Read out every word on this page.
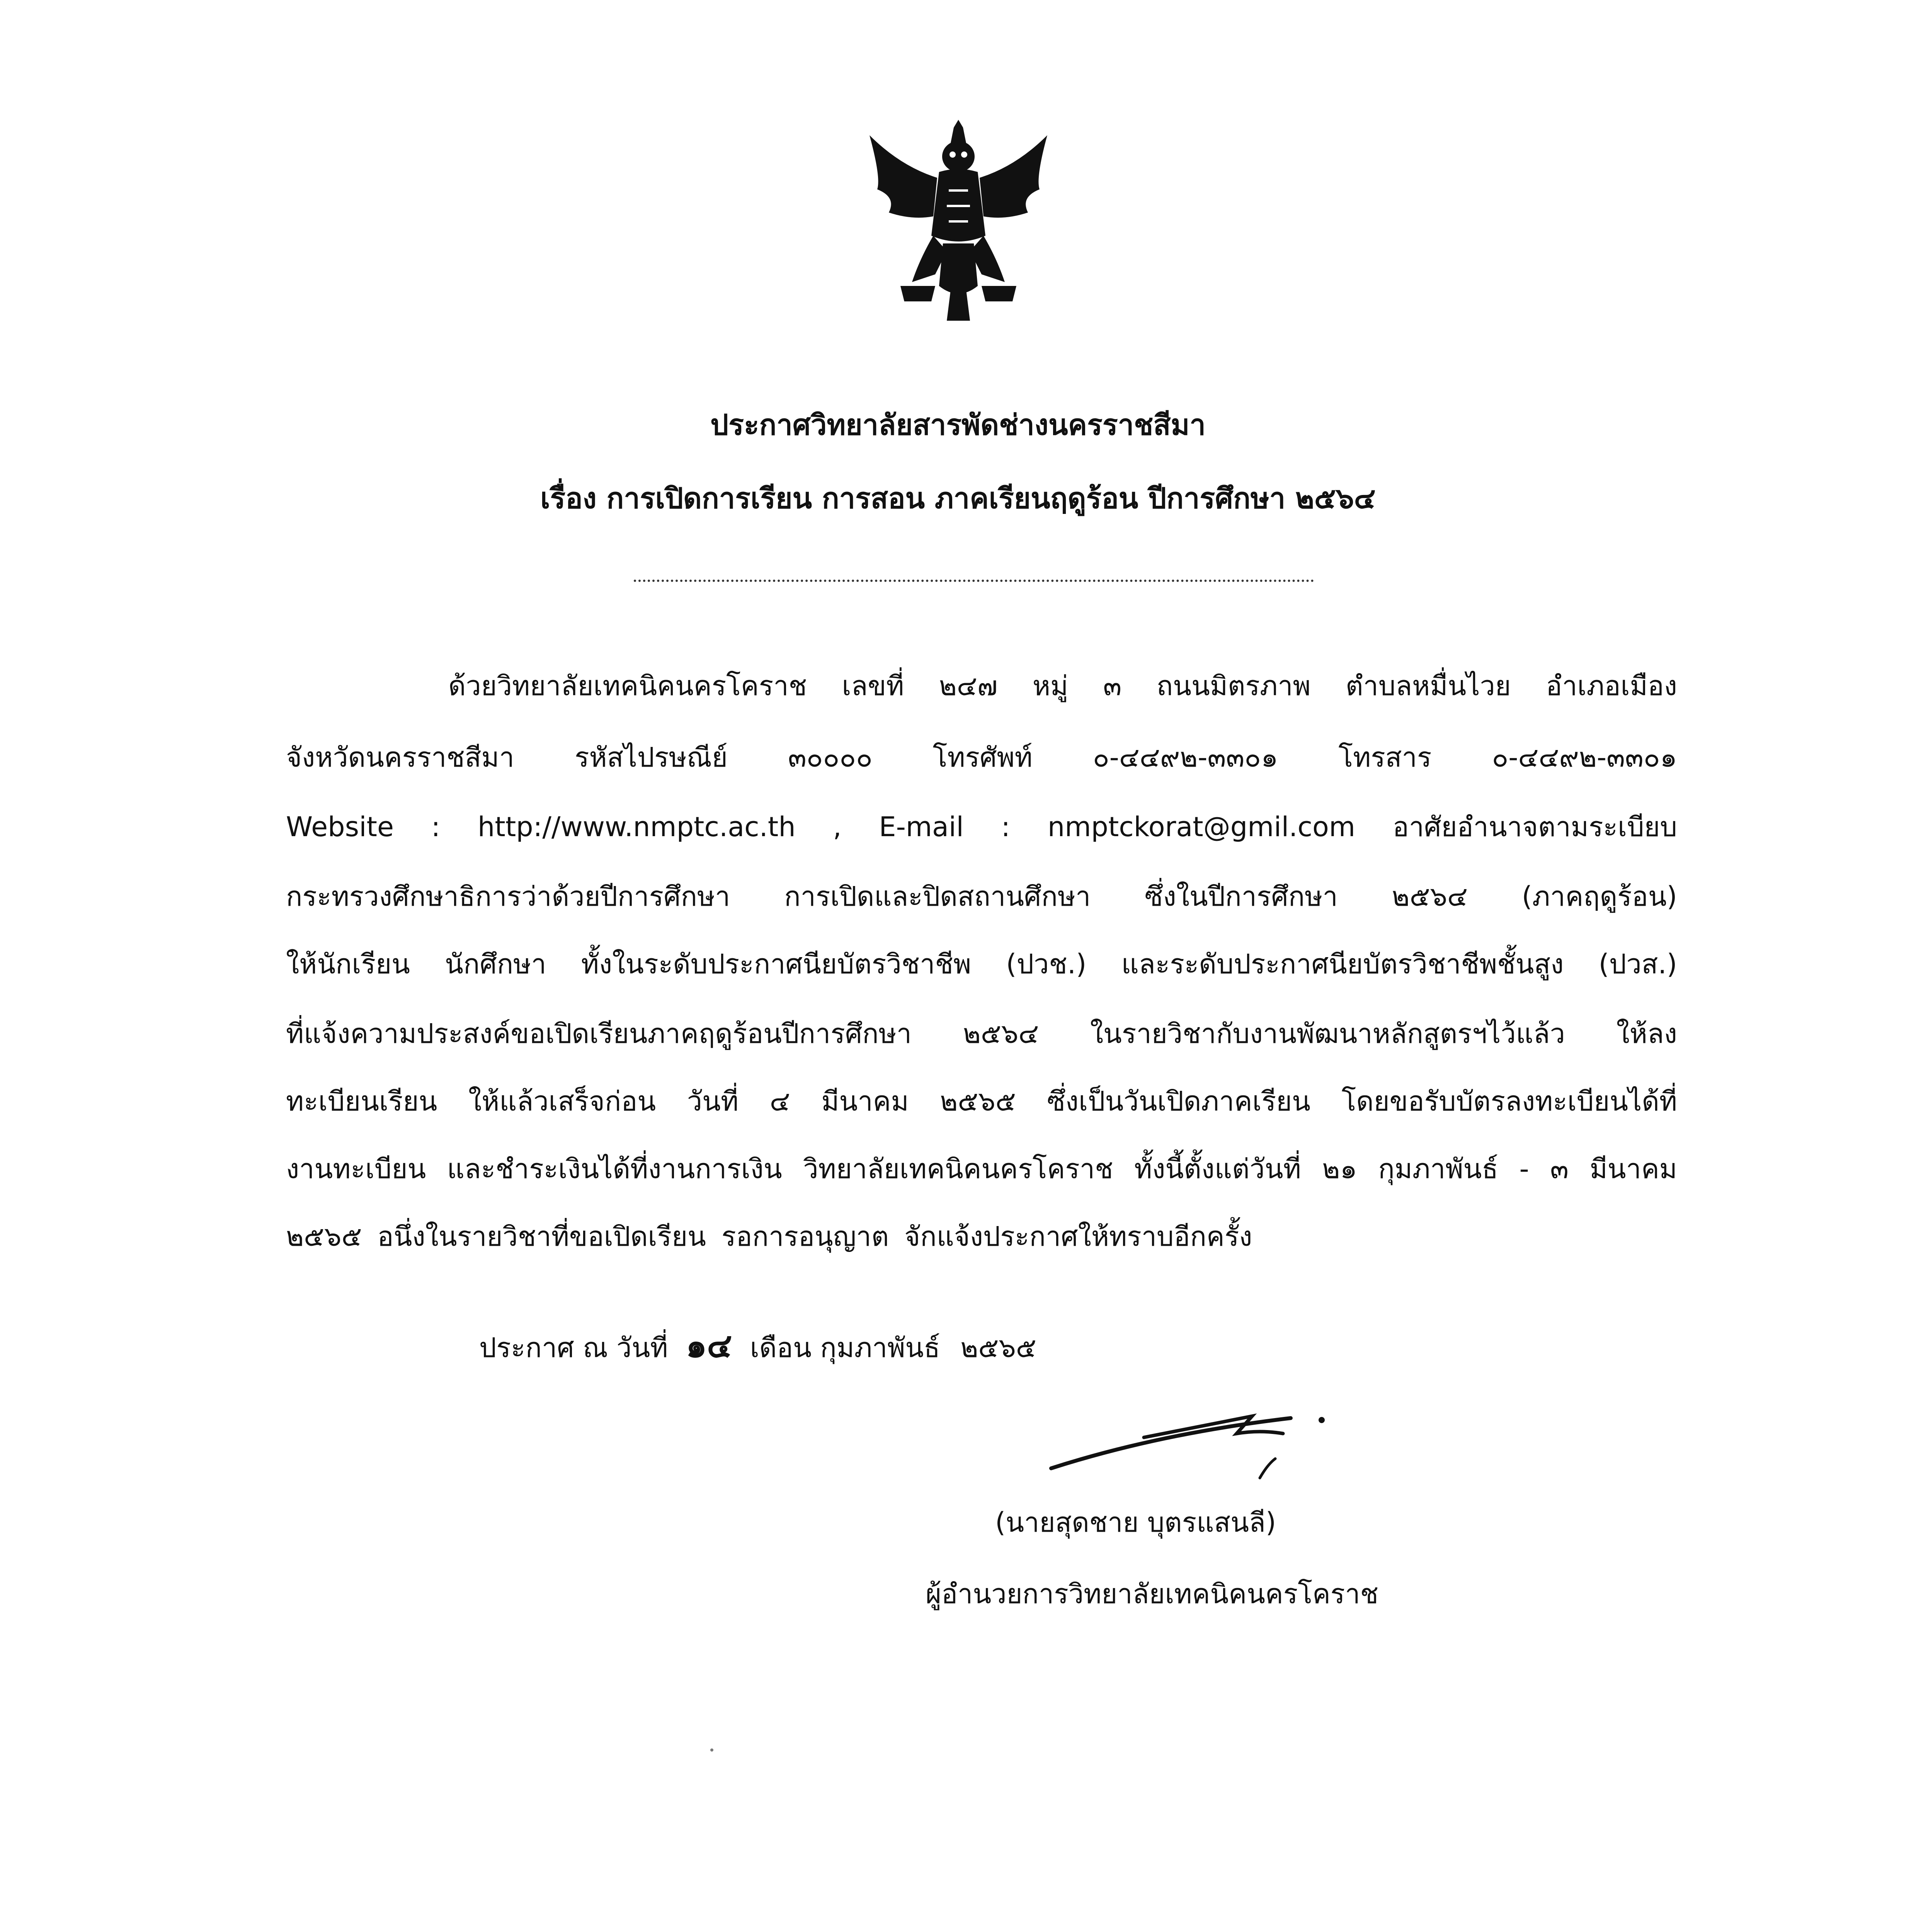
ประกาศวิทยาลัยสารพัดช่างนครราชสีมา
เรื่อง การเปิดการเรียน การสอน ภาคเรียนฤดูร้อน ปีการศึกษา ๒๕๖๔
ด้วยวิทยาลัยเทคนิคนครโคราช เลขที่ ๒๔๗ หมู่ ๓ ถนนมิตรภาพ ตำบลหมื่นไวย อำเภอเมือง
จังหวัดนครราชสีมา รหัสไปรษณีย์ ๓๐๐๐๐ โทรศัพท์ ๐-๔๔๙๒-๓๓๐๑ โทรสาร ๐-๔๔๙๒-๓๓๐๑
Website : http://www.nmptc.ac.th , E-mail : nmptckorat@gmil.com อาศัยอำนาจตามระเบียบ
กระทรวงศึกษาธิการว่าด้วยปีการศึกษา การเปิดและปิดสถานศึกษา ซึ่งในปีการศึกษา ๒๕๖๔ (ภาคฤดูร้อน)
ให้นักเรียน นักศึกษา ทั้งในระดับประกาศนียบัตรวิชาชีพ (ปวช.) และระดับประกาศนียบัตรวิชาชีพชั้นสูง (ปวส.)
ที่แจ้งความประสงค์ขอเปิดเรียนภาคฤดูร้อนปีการศึกษา ๒๕๖๔ ในรายวิชากับงานพัฒนาหลักสูตรฯไว้แล้ว ให้ลง
ทะเบียนเรียน ให้แล้วเสร็จก่อน วันที่ ๔ มีนาคม ๒๕๖๕ ซึ่งเป็นวันเปิดภาคเรียน โดยขอรับบัตรลงทะเบียนได้ที่
งานทะเบียน และชำระเงินได้ที่งานการเงิน วิทยาลัยเทคนิคนครโคราช ทั้งนี้ตั้งแต่วันที่ ๒๑ กุมภาพันธ์ - ๓ มีนาคม
๒๕๖๕ อนึ่งในรายวิชาที่ขอเปิดเรียน รอการอนุญาต จักแจ้งประกาศให้ทราบอีกครั้ง
ประกาศ ณ วันที่ ๑๔ เดือน กุมภาพันธ์ ๒๕๖๕
(นายสุดชาย บุตรแสนลี)
ผู้อำนวยการวิทยาลัยเทคนิคนครโคราช
